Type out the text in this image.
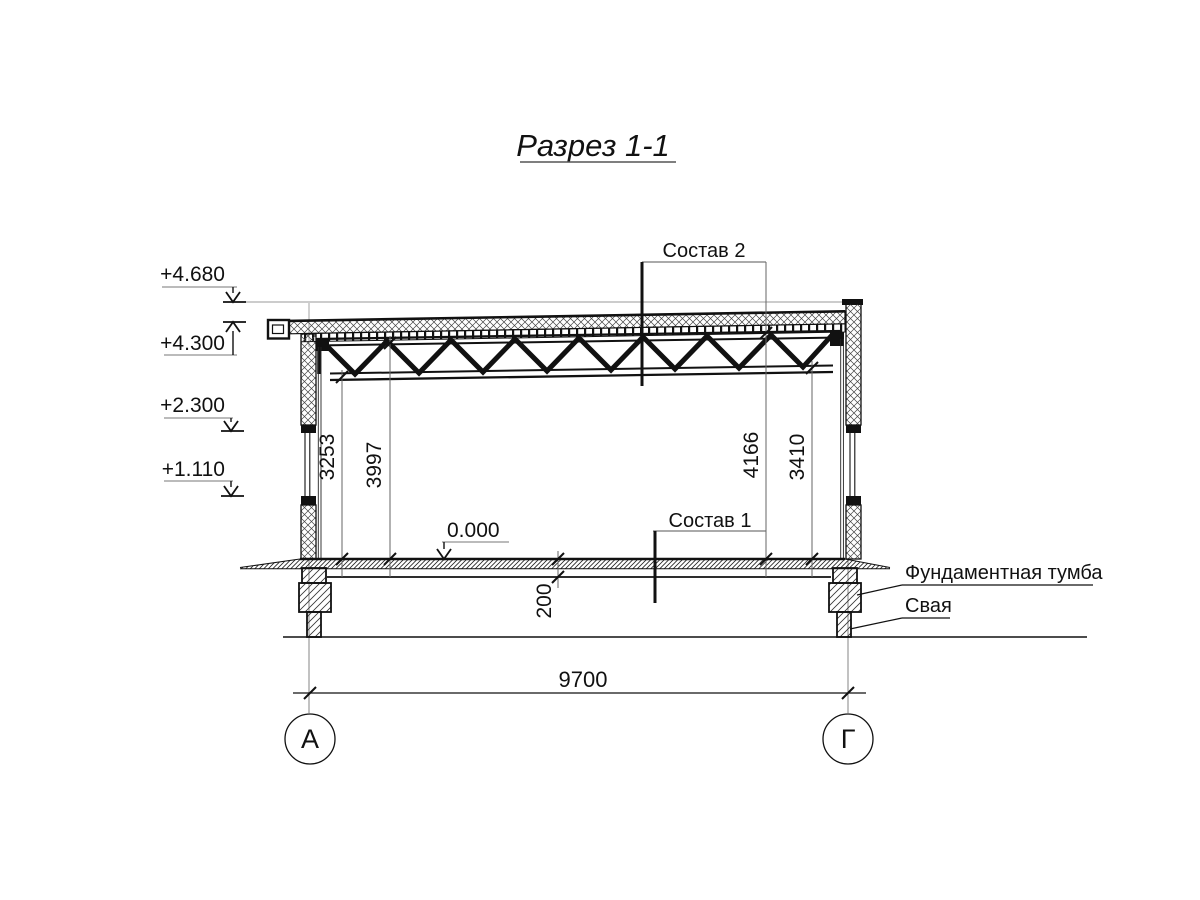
Разрез 1-1
+4.680
+4.300
+2.300
+1.110
0.000
Состав 2
Состав 1
3253 3997	4166 3410
200
9700
А	Г
Фундаментная тумба
Свая
